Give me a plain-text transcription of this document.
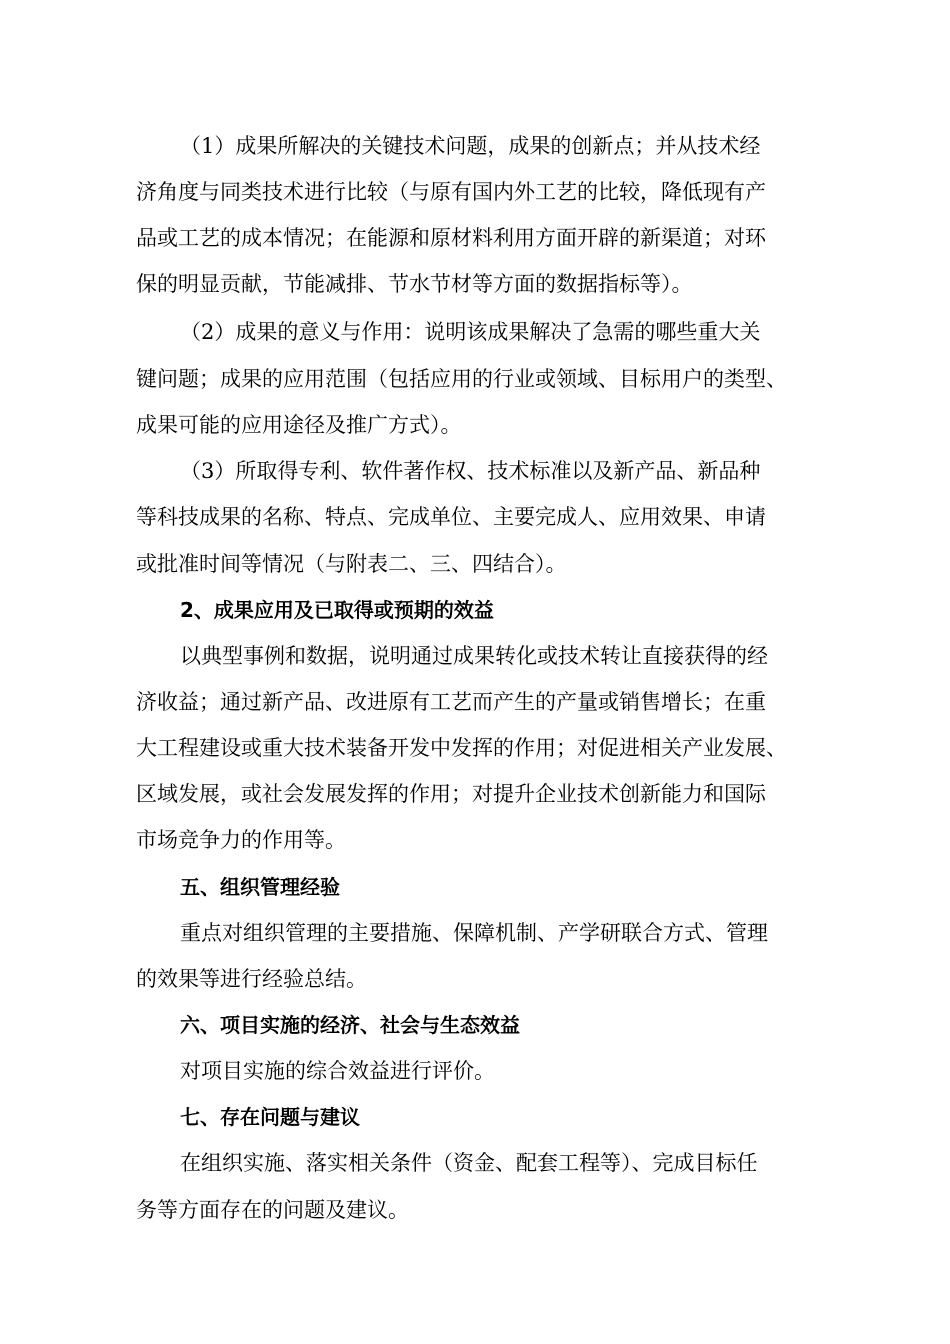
（1）成果所解决的关键技术问题，成果的创新点；并从技术经
济角度与同类技术进行比较（与原有国内外工艺的比较，降低现有产
品或工艺的成本情况；在能源和原材料利用方面开辟的新渠道；对环
保的明显贡献，节能减排、节水节材等方面的数据指标等）。
（2）成果的意义与作用：说明该成果解决了急需的哪些重大关
键问题；成果的应用范围（包括应用的行业或领域、目标用户的类型、
成果可能的应用途径及推广方式）。
（3）所取得专利、软件著作权、技术标准以及新产品、新品种
等科技成果的名称、特点、完成单位、主要完成人、应用效果、申请
或批准时间等情况（与附表二、三、四结合）。
2、成果应用及已取得或预期的效益
以典型事例和数据，说明通过成果转化或技术转让直接获得的经
济收益；通过新产品、改进原有工艺而产生的产量或销售增长；在重
大工程建设或重大技术装备开发中发挥的作用；对促进相关产业发展、
区域发展，或社会发展发挥的作用；对提升企业技术创新能力和国际
市场竞争力的作用等。
五、组织管理经验
重点对组织管理的主要措施、保障机制、产学研联合方式、管理
的效果等进行经验总结。
六、项目实施的经济、社会与生态效益
对项目实施的综合效益进行评价。
七、存在问题与建议
在组织实施、落实相关条件（资金、配套工程等）、完成目标任
务等方面存在的问题及建议。
